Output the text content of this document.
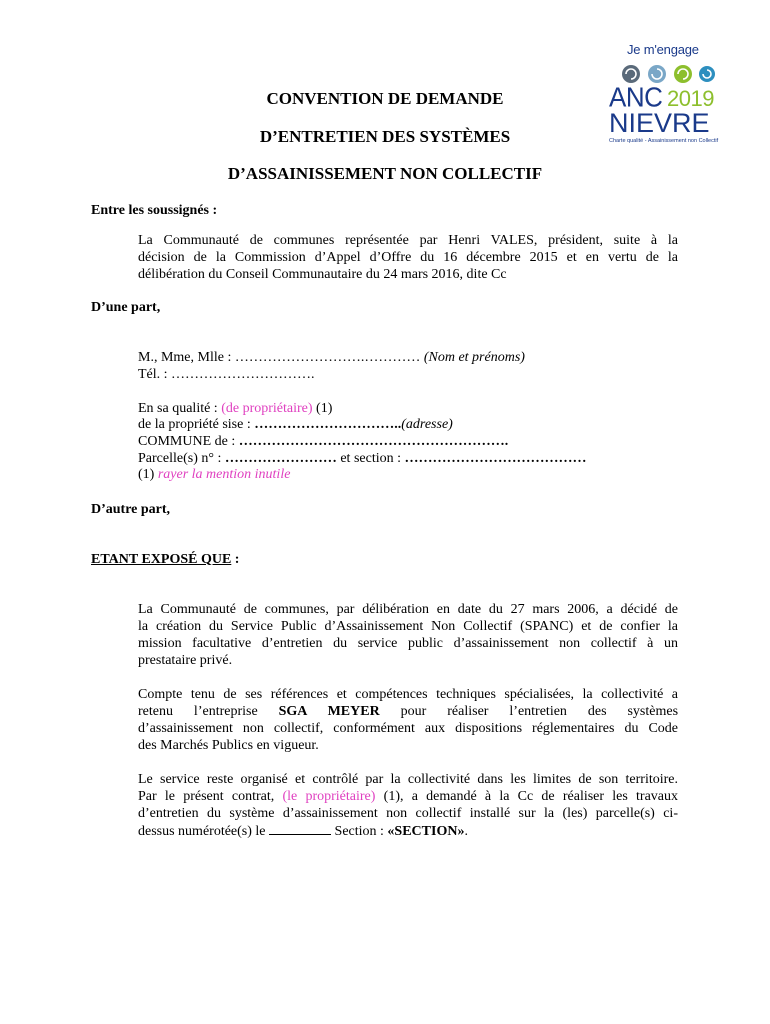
Je m'engage
ANC 2019
NIEVRE
Charte qualité - Assainissement non Collectif
CONVENTION DE DEMANDE
D’ENTRETIEN DES SYSTÈMES
D’ASSAINISSEMENT NON COLLECTIF
Entre les soussignés :
La Communauté de communes représentée par Henri VALES, président, suite à la
décision de la Commission d’Appel d’Offre du 16 décembre 2015 et en vertu de la
délibération du Conseil Communautaire du 24 mars 2016, dite Cc
D’une part,
M., Mme, Mlle : ……………………….………… (Nom et prénoms)
Tél. : ………………………….
En sa qualité : (de propriétaire) (1)
de la propriété sise : …………………………..(adresse)
COMMUNE de : ………………………………………………….
Parcelle(s) n° : …………………… et section : …………………………………
(1) rayer la mention inutile
D’autre part,
ETANT EXPOSÉ QUE :
La Communauté de communes, par délibération en date du 27 mars 2006, a décidé de
la création du Service Public d’Assainissement Non Collectif (SPANC) et de confier la
mission facultative d’entretien du service public d’assainissement non collectif à un
prestataire privé.
Compte tenu de ses références et compétences techniques spécialisées, la collectivité a
retenu l’entreprise SGA MEYER pour réaliser l’entretien des systèmes
d’assainissement non collectif, conformément aux dispositions réglementaires du Code
des Marchés Publics en vigueur.
Le service reste organisé et contrôlé par la collectivité dans les limites de son territoire.
Par le présent contrat, (le propriétaire) (1), a demandé à la Cc de réaliser les travaux
d’entretien du système d’assainissement non collectif installé sur la (les) parcelle(s) ci-
dessus numérotée(s) le	Section : «SECTION».
